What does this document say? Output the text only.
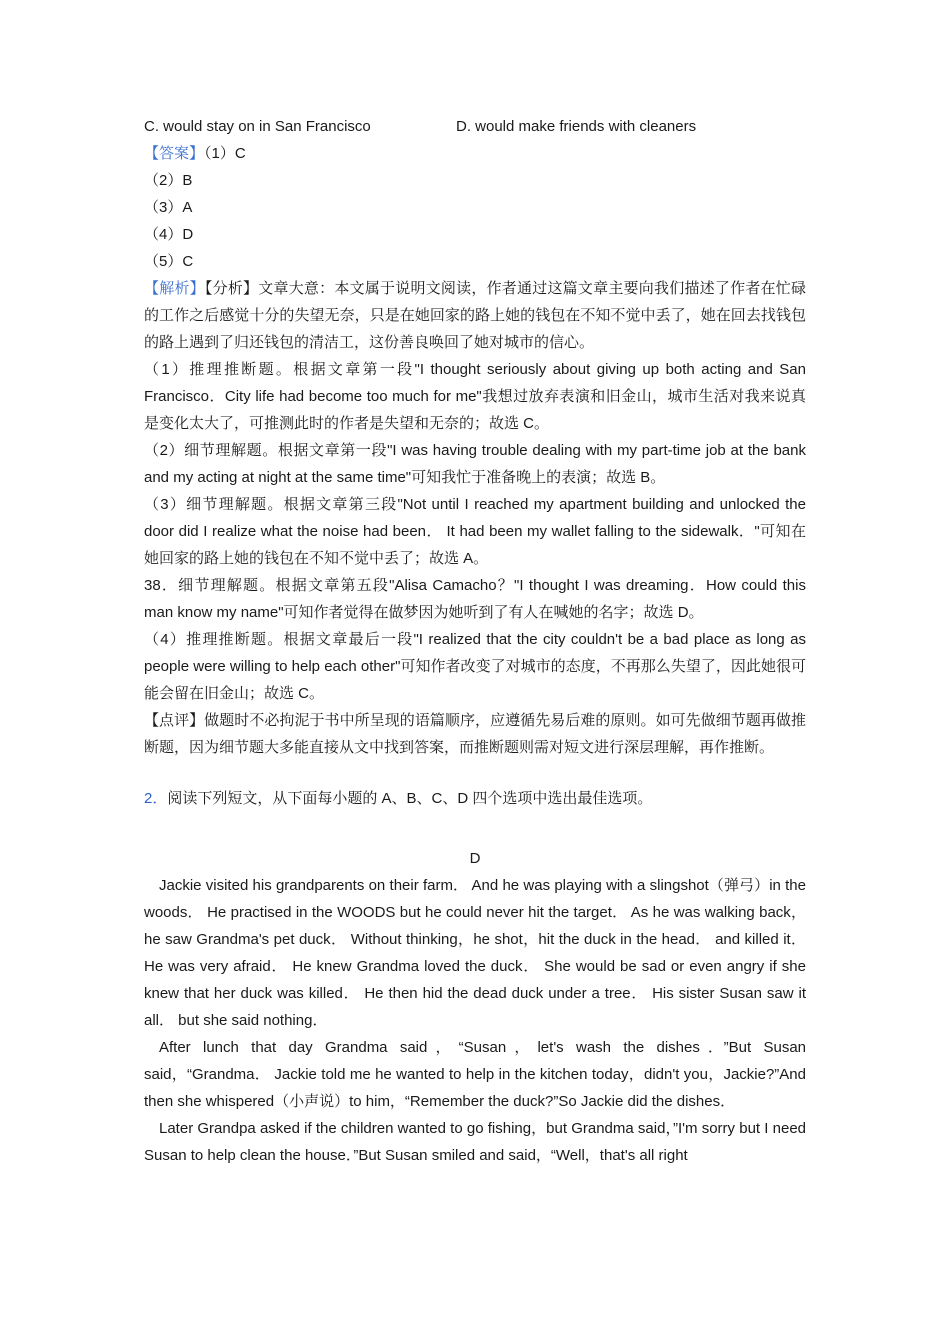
C. would stay on in San Francisco	D. would make friends with cleaners
【答案】（1）C
（2）B
（3）A
（4）D
（5）C

【解析】【分析】文章大意：本文属于说明文阅读，作者通过这篇文章主要向我们描述了作者在忙碌的工作之后感觉十分的失望无奈，只是在她回家的路上她的钱包在不知不觉中丢了，她在回去找钱包的路上遇到了归还钱包的清洁工，这份善良唤回了她对城市的信心。

（1）推理推断题。根据文章第一段"I thought seriously about giving up both acting and San Francisco．City life had become too much for me"我想过放弃表演和旧金山，城市生活对我来说真是变化太大了，可推测此时的作者是失望和无奈的；故选 C。

（2）细节理解题。根据文章第一段"I was having trouble dealing with my part-time job at the bank and my acting at night at the same time"可知我忙于准备晚上的表演；故选 B。

（3）细节理解题。根据文章第三段"Not until I reached my apartment building and unlocked the door did I realize what the noise had been． It had been my wallet falling to the sidewalk．"可知在她回家的路上她的钱包在不知不觉中丢了；故选 A。

38．细节理解题。根据文章第五段"Alisa Camacho？"I thought I was dreaming．How could this man know my name"可知作者觉得在做梦因为她听到了有人在喊她的名字；故选 D。

（4）推理推断题。根据文章最后一段"I realized that the city couldn't be a bad place as long as people were willing to help each other"可知作者改变了对城市的态度，不再那么失望了，因此她很可能会留在旧金山；故选 C。

【点评】做题时不必拘泥于书中所呈现的语篇顺序，应遵循先易后难的原则。如可先做细节题再做推断题，因为细节题大多能直接从文中找到答案，而推断题则需对短文进行深层理解，再作推断。

2．阅读下列短文，从下面每小题的 A、B、C、D 四个选项中选出最佳选项。
D

Jackie visited his grandparents on their farm． And he was playing with a slingshot（弹弓）in the woods． He practised in the WOODS but he could never hit the target． As he was walking back，he saw Grandma's pet duck． Without thinking，he shot，hit the duck in the head． and killed it． He was very afraid． He knew Grandma loved the duck． She would be sad or even angry if she knew that her duck was killed． He then hid the dead duck under a tree． His sister Susan saw it all． but she said nothing．

After lunch that day Grandma said，“Susan，let's wash the dishes．”But Susan said，“Grandma． Jackie told me he wanted to help in the kitchen today，didn't you，Jackie?”And then she whispered（小声说）to him，“Remember the duck?”So Jackie did the dishes．

Later Grandpa asked if the children wanted to go fishing，but Grandma said，”I'm sorry but I need Susan to help clean the house．”But Susan smiled and said，“Well，that's all right
